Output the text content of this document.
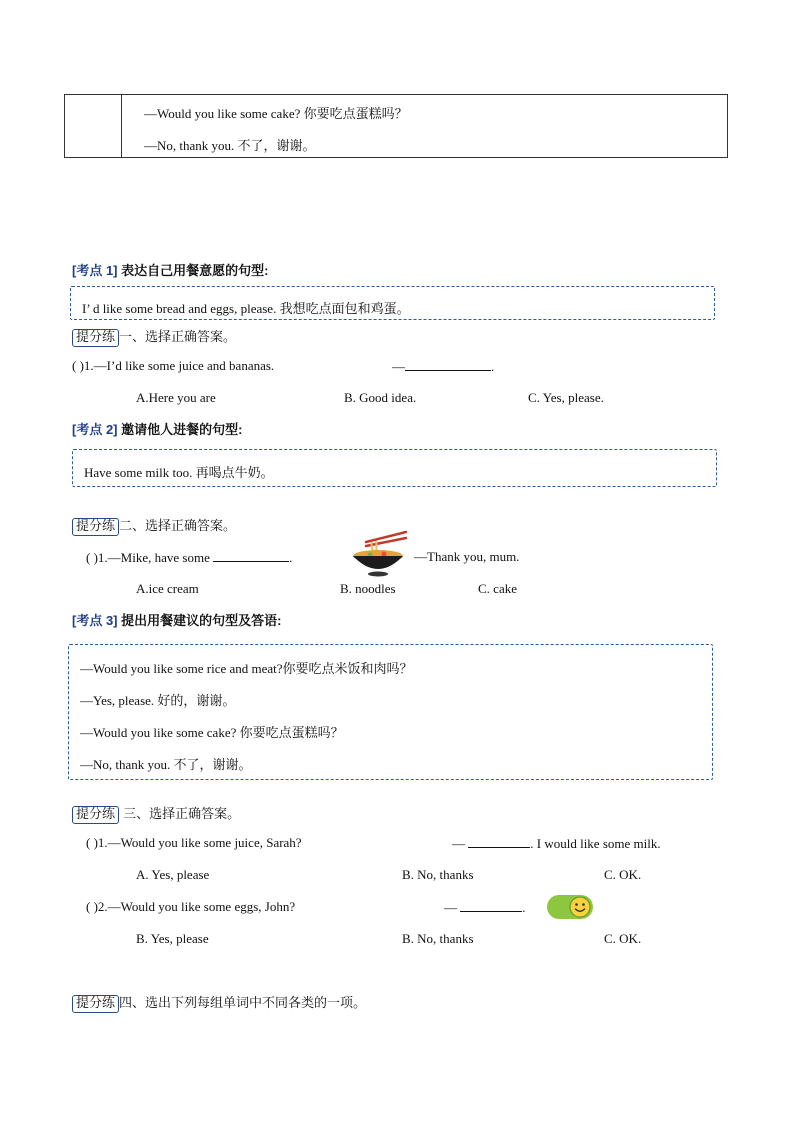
—Would you like some cake? 你要吃点蛋糕吗？
—No, thank you. 不了，谢谢。
[考点 1] 表达自己用餐意愿的句型:
I’ d like some bread and eggs, please. 我想吃点面包和鸡蛋。
提分练 一、选择正确答案。
( )1.—I’d like some juice and bananas.	—	.
A.Here you are	B. Good idea.	C. Yes, please.
[考点 2] 邀请他人进餐的句型:
Have some milk too. 再喝点牛奶。
提分练 二、选择正确答案。
( )1.—Mike, have some	.	—Thank you, mum.
A.ice cream	B. noodles	C. cake
[考点 3] 提出用餐建议的句型及答语:
—Would you like some rice and meat?你要吃点米饭和肉吗？
—Yes, please. 好的，谢谢。
—Would you like some cake? 你要吃点蛋糕吗？
—No, thank you. 不了，谢谢。
提分练 三、选择正确答案。
( )1.—Would you like some juice, Sarah?	—	. I would like some milk.
A. Yes, please	B. No, thanks	C. OK.
( )2.—Would you like some eggs, John?	—	.
B. Yes, please	B. No, thanks	C. OK.
提分练 四、选出下列每组单词中不同各类的一项。
